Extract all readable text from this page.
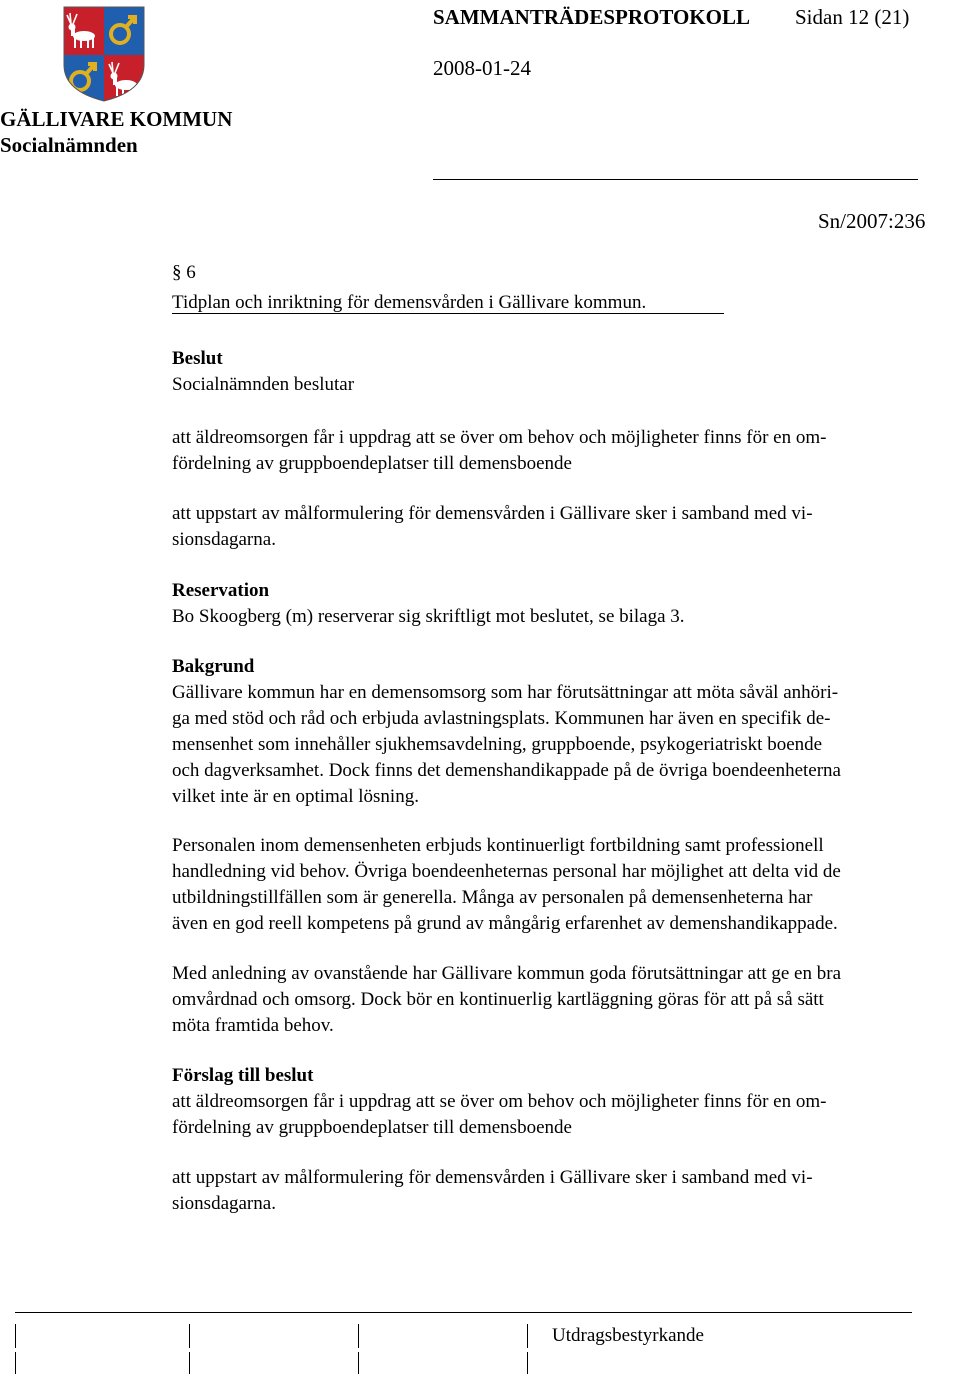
SAMMANTRÄDESPROTOKOLL Sidan 12 (21)
2008-01-24
GÄLLIVARE KOMMUN
Socialnämnden
Sn/2007:236
§ 6
Tidplan och inriktning för demensvården i Gällivare kommun.
Beslut
Socialnämnden beslutar
att äldreomsorgen får i uppdrag att se över om behov och möjligheter finns för en om-
fördelning av gruppboendeplatser till demensboende
att uppstart av målformulering för demensvården i Gällivare sker i samband med vi-
sionsdagarna.
Reservation
Bo Skoogberg (m) reserverar sig skriftligt mot beslutet, se bilaga 3.
Bakgrund
Gällivare kommun har en demensomsorg som har förutsättningar att möta såväl anhöri-
ga med stöd och råd och erbjuda avlastningsplats. Kommunen har även en specifik de-
mensenhet som innehåller sjukhemsavdelning, gruppboende, psykogeriatriskt boende
och dagverksamhet. Dock finns det demenshandikappade på de övriga boendeenheterna
vilket inte är en optimal lösning.
Personalen inom demensenheten erbjuds kontinuerligt fortbildning samt professionell
handledning vid behov. Övriga boendeenheternas personal har möjlighet att delta vid de
utbildningstillfällen som är generella. Många av personalen på demensenheterna har
även en god reell kompetens på grund av mångårig erfarenhet av demenshandikappade.
Med anledning av ovanstående har Gällivare kommun goda förutsättningar att ge en bra
omvårdnad och omsorg. Dock bör en kontinuerlig kartläggning göras för att på så sätt
möta framtida behov.
Förslag till beslut
att äldreomsorgen får i uppdrag att se över om behov och möjligheter finns för en om-
fördelning av gruppboendeplatser till demensboende
att uppstart av målformulering för demensvården i Gällivare sker i samband med vi-
sionsdagarna.
Utdragsbestyrkande
